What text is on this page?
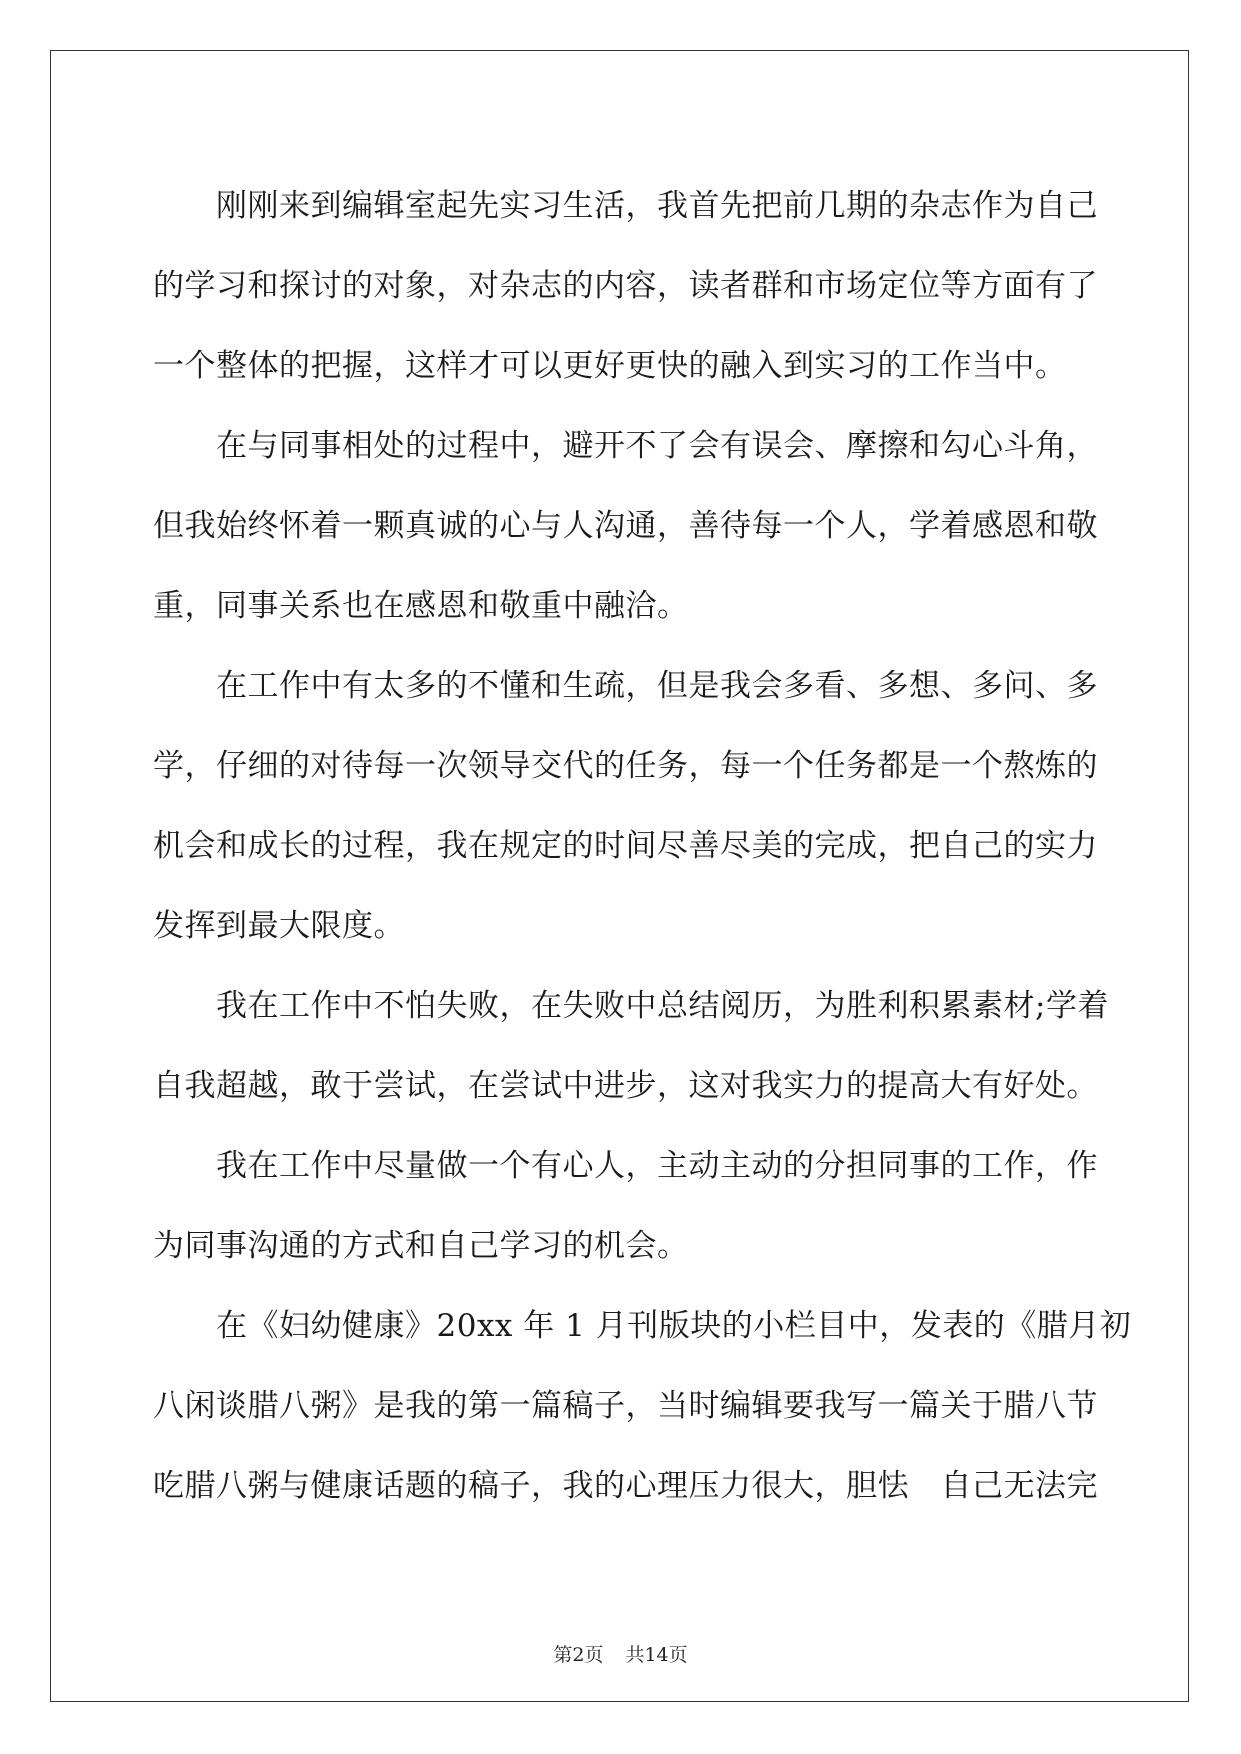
刚刚来到编辑室起先实习生活，我首先把前几期的杂志作为自己
的学习和探讨的对象，对杂志的内容，读者群和市场定位等方面有了
一个整体的把握，这样才可以更好更快的融入到实习的工作当中。

在与同事相处的过程中，避开不了会有误会、摩擦和勾心斗角，
但我始终怀着一颗真诚的心与人沟通，善待每一个人，学着感恩和敬
重，同事关系也在感恩和敬重中融洽。

在工作中有太多的不懂和生疏，但是我会多看、多想、多问、多
学，仔细的对待每一次领导交代的任务，每一个任务都是一个熬炼的
机会和成长的过程，我在规定的时间尽善尽美的完成，把自己的实力
发挥到最大限度。

我在工作中不怕失败，在失败中总结阅历，为胜利积累素材;学着
自我超越，敢于尝试，在尝试中进步，这对我实力的提高大有好处。

我在工作中尽量做一个有心人，主动主动的分担同事的工作，作
为同事沟通的方式和自己学习的机会。

在《妇幼健康》20xx 年 1 月刊版块的小栏目中，发表的《腊月初
八闲谈腊八粥》是我的第一篇稿子，当时编辑要我写一篇关于腊八节
吃腊八粥与健康话题的稿子，我的心理压力很大，胆怯　自己无法完

第2页 共14页
